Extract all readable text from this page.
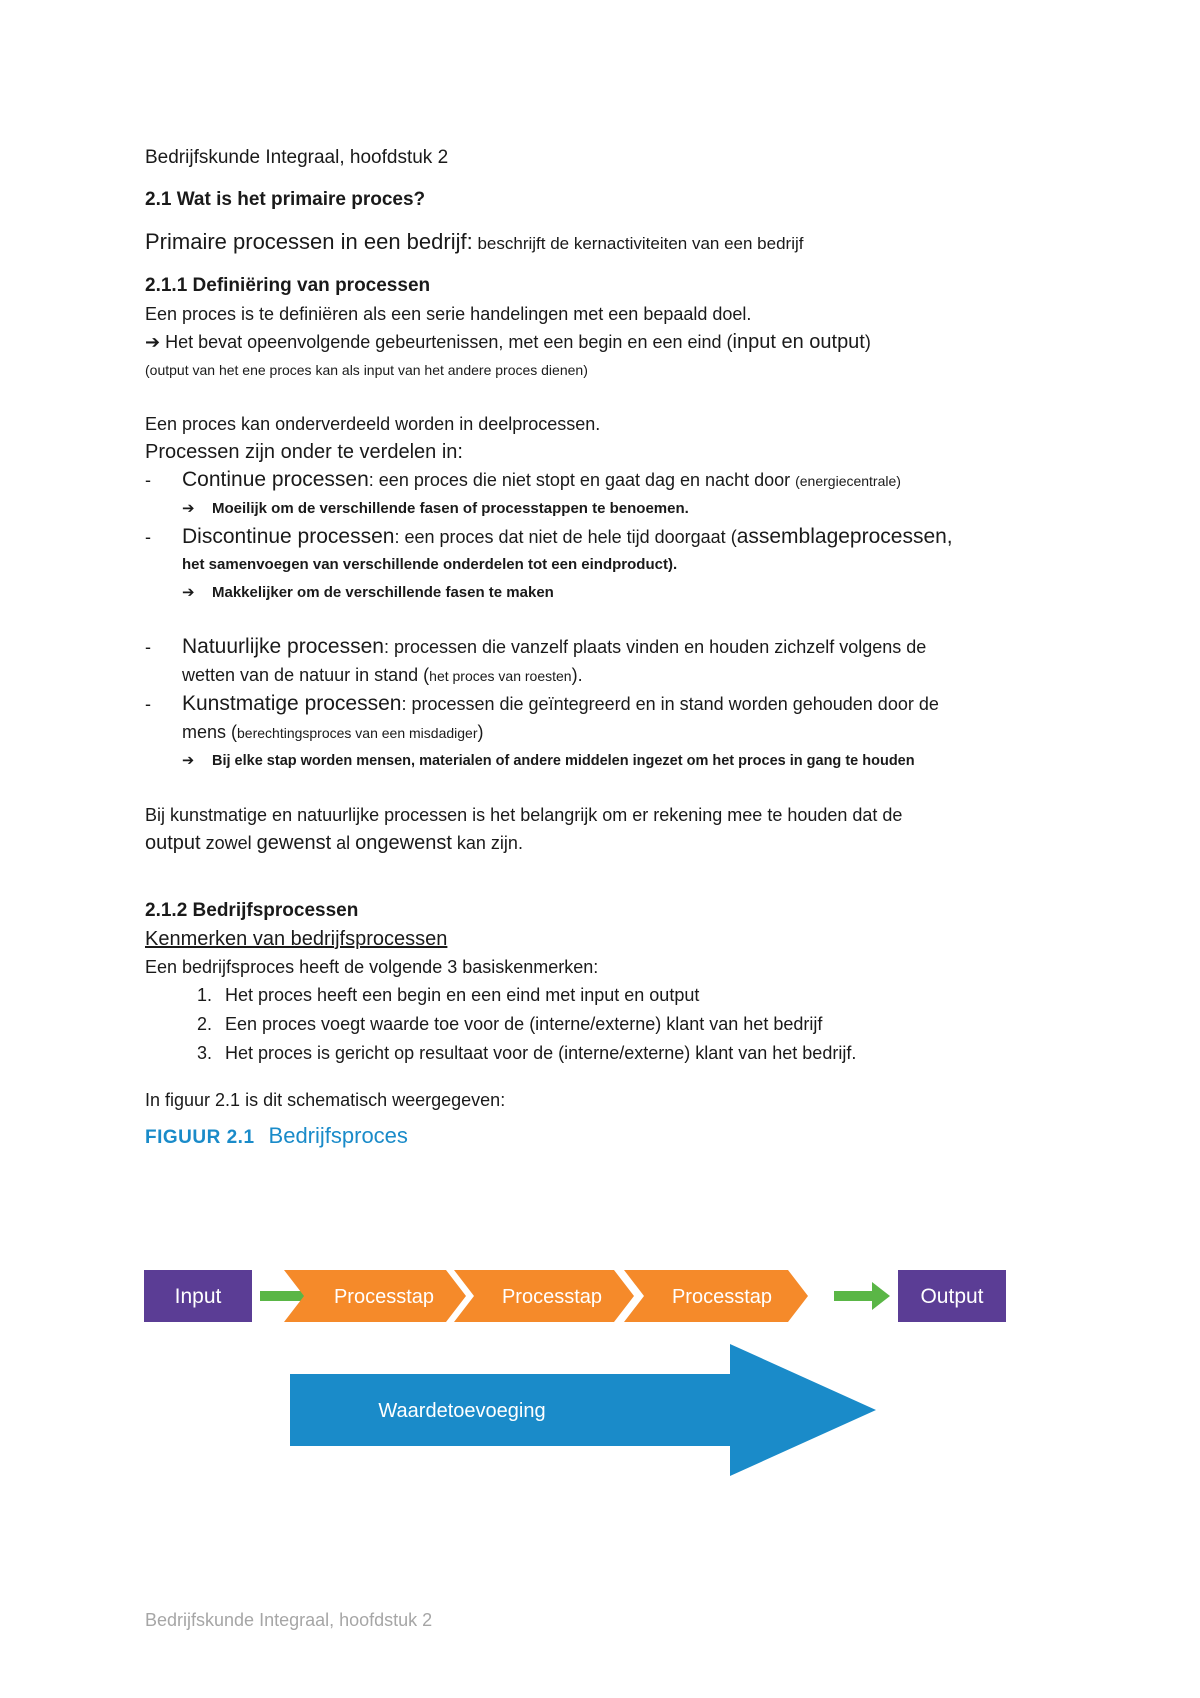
Bedrijfskunde Integraal, hoofdstuk 2

2.1 Wat is het primaire proces?

Primaire processen in een bedrijf: beschrijft de kernactiviteiten van een bedrijf

2.1.1 Definiëring van processen

Een proces is te definiëren als een serie handelingen met een bepaald doel.

➔ Het bevat opeenvolgende gebeurtenissen, met een begin en een eind (input en output)

(output van het ene proces kan als input van het andere proces dienen)

Een proces kan onderverdeeld worden in deelprocessen.

Processen zijn onder te verdelen in:

- Continue processen: een proces die niet stopt en gaat dag en nacht door (energiecentrale)

➔ Moeilijk om de verschillende fasen of processtappen te benoemen.

- Discontinue processen: een proces dat niet de hele tijd doorgaat (assemblageprocessen,

het samenvoegen van verschillende onderdelen tot een eindproduct).

➔ Makkelijker om de verschillende fasen te maken

- Natuurlijke processen: processen die vanzelf plaats vinden en houden zichzelf volgens de

wetten van de natuur in stand (het proces van roesten).

- Kunstmatige processen: processen die geïntegreerd en in stand worden gehouden door de

mens (berechtingsproces van een misdadiger)

➔ Bij elke stap worden mensen, materialen of andere middelen ingezet om het proces in gang te houden

Bij kunstmatige en natuurlijke processen is het belangrijk om er rekening mee te houden dat de

output zowel gewenst al ongewenst kan zijn.

2.1.2 Bedrijfsprocessen

Kenmerken van bedrijfsprocessen

Een bedrijfsproces heeft de volgende 3 basiskenmerken:

1. Het proces heeft een begin en een eind met input en output
2. Een proces voegt waarde toe voor de (interne/externe) klant van het bedrijf
3. Het proces is gericht op resultaat voor de (interne/externe) klant van het bedrijf.

In figuur 2.1 is dit schematisch weergegeven:

FIGUUR 2.1 Bedrijfsproces

Input	Processtap	Processtap	Processtap	Output
Waardetoevoeging
Bedrijfskunde Integraal, hoofdstuk 2
